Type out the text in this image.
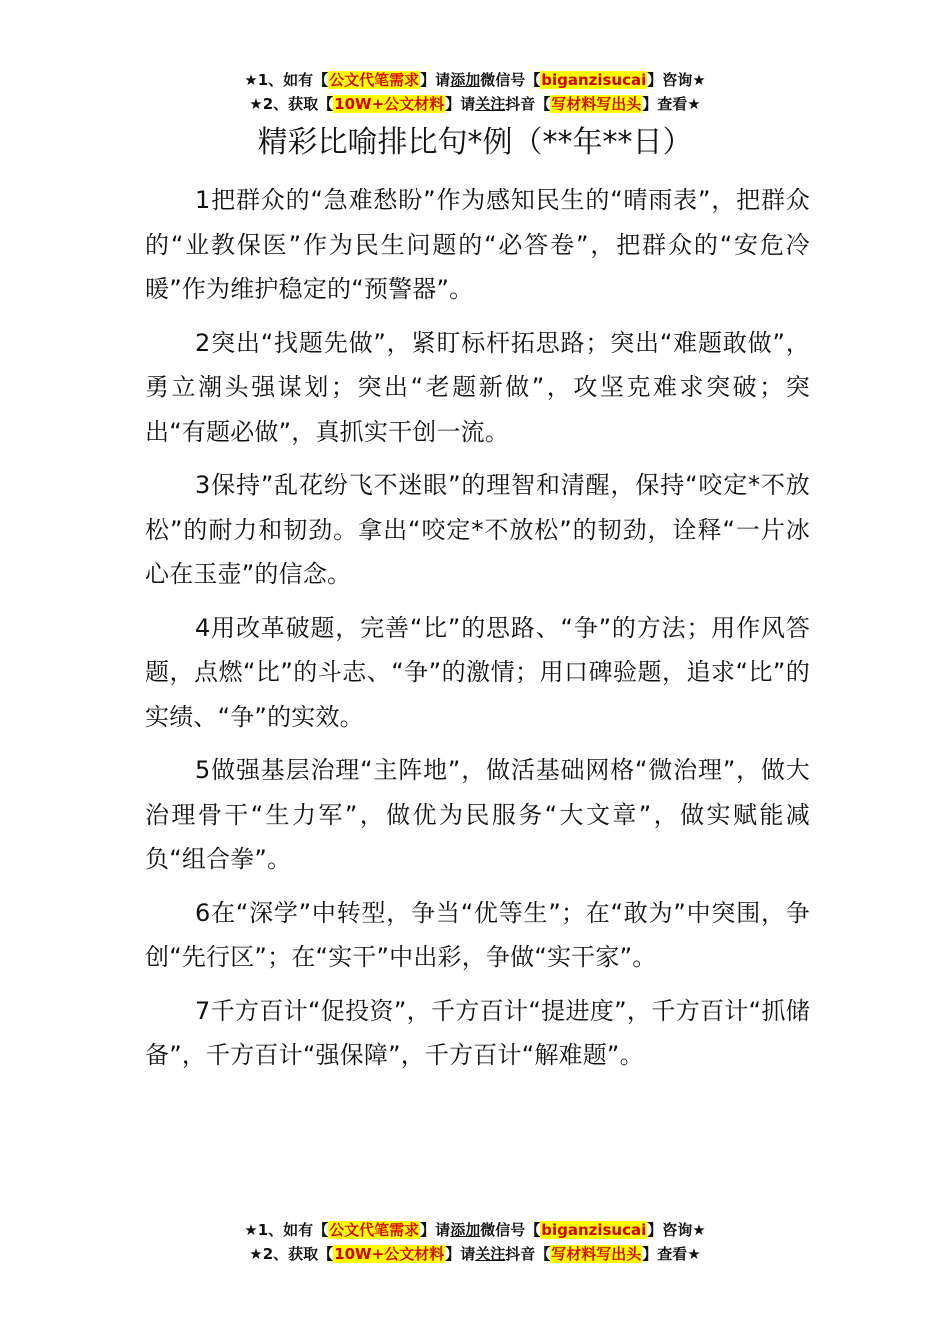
★1、如有【公文代笔需求】请添加微信号【biganzisucai】咨询★
★2、获取【10W+公文材料】请关注抖音【写材料写出头】查看★
精彩比喻排比句*例（**年**日）

1把群众的“急难愁盼”作为感知民生的“晴雨表”，把群众的“业教保医”作为民生问题的“必答卷”，把群众的“安危冷暖”作为维护稳定的“预警器”。

2突出“找题先做”，紧盯标杆拓思路；突出“难题敢做”，勇立潮头强谋划；突出“老题新做”，攻坚克难求突破；突出“有题必做”，真抓实干创一流。

3保持”乱花纷飞不迷眼”的理智和清醒，保持“咬定*不放松”的耐力和韧劲。拿出“咬定*不放松”的韧劲，诠释“一片冰心在玉壶”的信念。

4用改革破题，完善“比”的思路、“争”的方法；用作风答题，点燃“比”的斗志、“争”的激情；用口碑验题，追求“比”的实绩、“争”的实效。

5做强基层治理“主阵地”，做活基础网格“微治理”，做大治理骨干“生力军”，做优为民服务“大文章”，做实赋能减负“组合拳”。

6在“深学”中转型，争当“优等生”；在“敢为”中突围，争创“先行区”；在“实干”中出彩，争做“实干家”。

7千方百计“促投资”，千方百计“提进度”，千方百计“抓储备”，千方百计“强保障”，千方百计“解难题”。

★1、如有【公文代笔需求】请添加微信号【biganzisucai】咨询★
★2、获取【10W+公文材料】请关注抖音【写材料写出头】查看★
